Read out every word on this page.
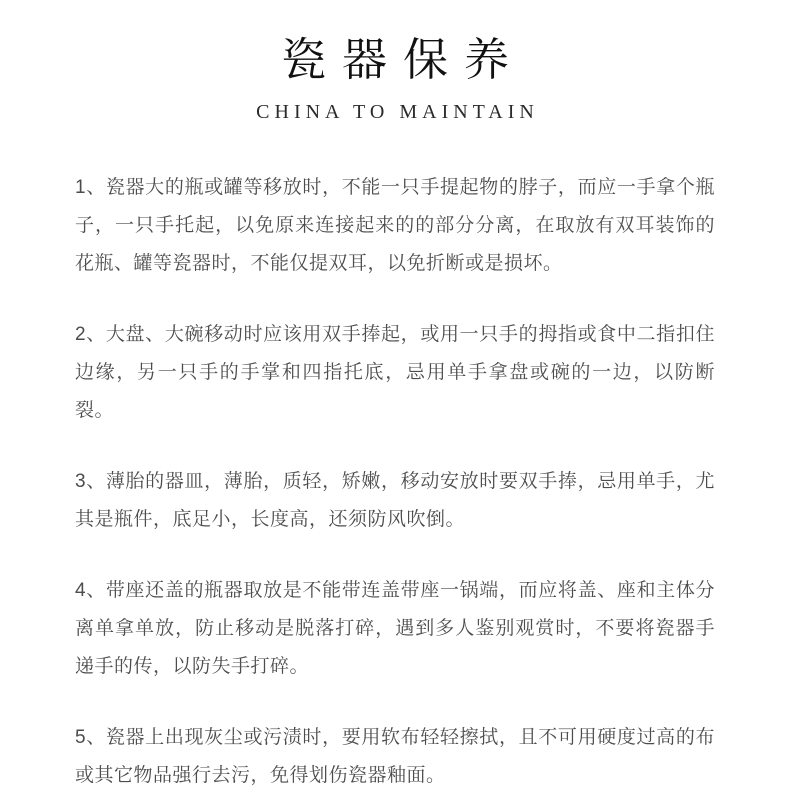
瓷器保养
CHINA TO MAINTAIN

1、瓷器大的瓶或罐等移放时，不能一只手提起物的脖子，而应一手拿个瓶子，一只手托起，以免原来连接起来的的部分分离，在取放有双耳装饰的花瓶、罐等瓷器时，不能仅提双耳，以免折断或是损坏。

2、大盘、大碗移动时应该用双手捧起，或用一只手的拇指或食中二指扣住边缘，另一只手的手掌和四指托底，忌用单手拿盘或碗的一边，以防断裂。

3、薄胎的器皿，薄胎，质轻，矫嫩，移动安放时要双手捧，忌用单手，尤其是瓶件，底足小，长度高，还须防风吹倒。

4、带座还盖的瓶器取放是不能带连盖带座一锅端，而应将盖、座和主体分离单拿单放，防止移动是脱落打碎，遇到多人鉴别观赏时，不要将瓷器手递手的传，以防失手打碎。

5、瓷器上出现灰尘或污渍时，要用软布轻轻擦拭，且不可用硬度过高的布或其它物品强行去污，免得划伤瓷器釉面。
